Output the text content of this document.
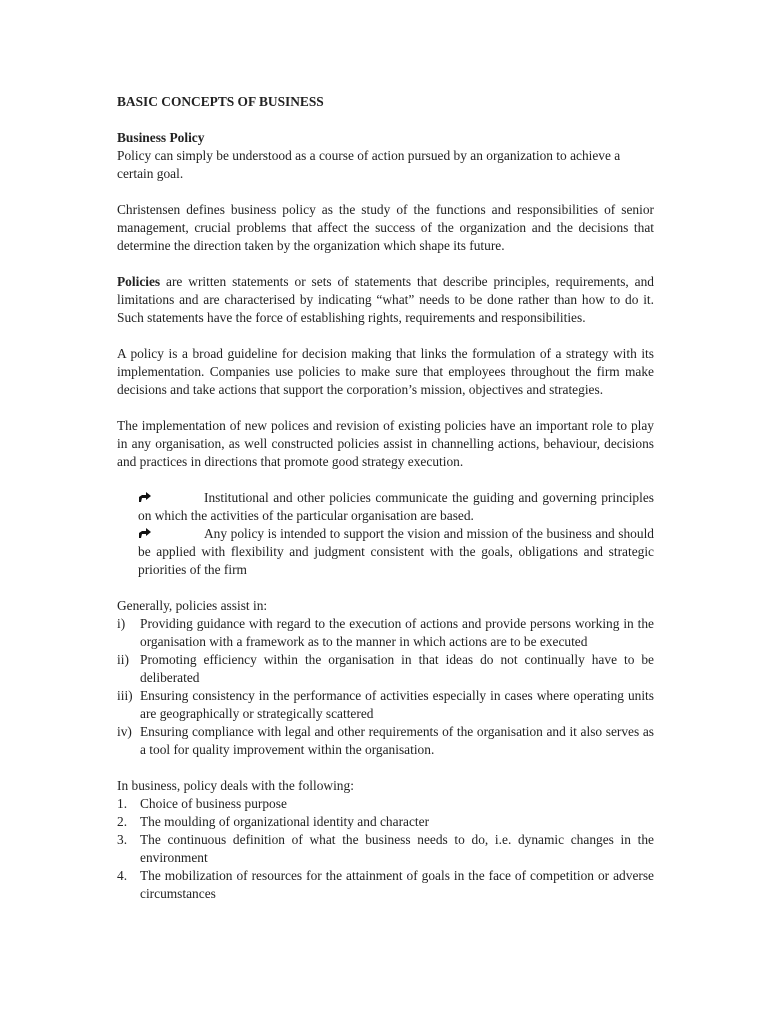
BASIC CONCEPTS OF BUSINESS
Business Policy

Policy can simply be understood as a course of action pursued by an organization to achieve a certain goal.

Christensen defines business policy as the study of the functions and responsibilities of senior management, crucial problems that affect the success of the organization and the decisions that determine the direction taken by the organization which shape its future.

Policies are written statements or sets of statements that describe principles, requirements, and limitations and are characterised by indicating “what” needs to be done rather than how to do it. Such statements have the force of establishing rights, requirements and responsibilities.

A policy is a broad guideline for decision making that links the formulation of a strategy with its implementation. Companies use policies to make sure that employees throughout the firm make decisions and take actions that support the corporation’s mission, objectives and strategies.

The implementation of new polices and revision of existing policies have an important role to play in any organisation, as well constructed policies assist in channelling actions, behaviour, decisions and practices in directions that promote good strategy execution.

Institutional and other policies communicate the guiding and governing principles on which the activities of the particular organisation are based.

Any policy is intended to support the vision and mission of the business and should be applied with flexibility and judgment consistent with the goals, obligations and strategic priorities of the firm

Generally, policies assist in:

i) Providing guidance with regard to the execution of actions and provide persons working in the organisation with a framework as to the manner in which actions are to be executed
ii) Promoting efficiency within the organisation in that ideas do not continually have to be deliberated
iii) Ensuring consistency in the performance of activities especially in cases where operating units are geographically or strategically scattered
iv) Ensuring compliance with legal and other requirements of the organisation and it also serves as a tool for quality improvement within the organisation.

In business, policy deals with the following:

1. Choice of business purpose
2. The moulding of organizational identity and character
3. The continuous definition of what the business needs to do, i.e. dynamic changes in the environment
4. The mobilization of resources for the attainment of goals in the face of competition or adverse circumstances
